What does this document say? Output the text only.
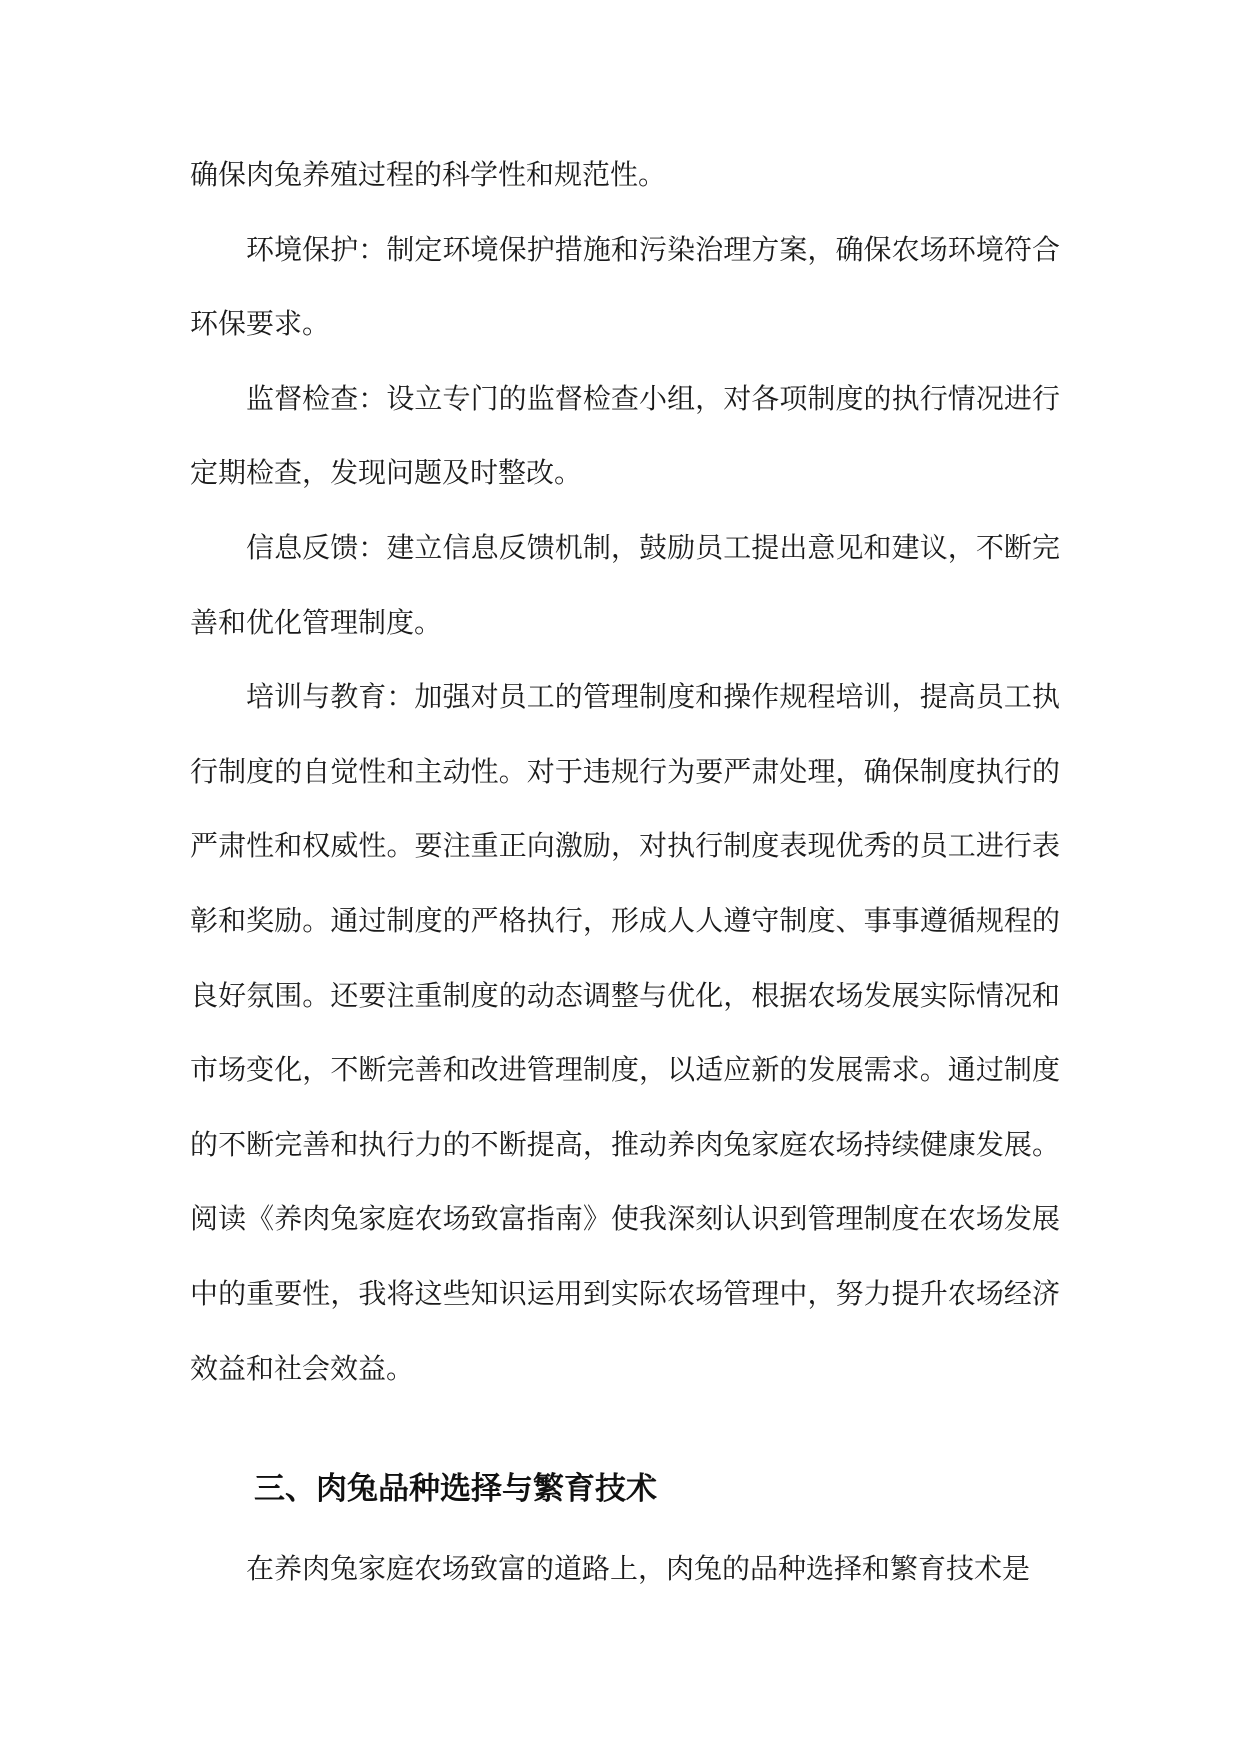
确保肉兔养殖过程的科学性和规范性。

环境保护：制定环境保护措施和污染治理方案，确保农场环境符合环保要求。

监督检查：设立专门的监督检查小组，对各项制度的执行情况进行定期检查，发现问题及时整改。

信息反馈：建立信息反馈机制，鼓励员工提出意见和建议，不断完善和优化管理制度。

培训与教育：加强对员工的管理制度和操作规程培训，提高员工执行制度的自觉性和主动性。对于违规行为要严肃处理，确保制度执行的严肃性和权威性。要注重正向激励，对执行制度表现优秀的员工进行表彰和奖励。通过制度的严格执行，形成人人遵守制度、事事遵循规程的良好氛围。还要注重制度的动态调整与优化，根据农场发展实际情况和市场变化，不断完善和改进管理制度，以适应新的发展需求。通过制度的不断完善和执行力的不断提高，推动养肉兔家庭农场持续健康发展。阅读《养肉兔家庭农场致富指南》使我深刻认识到管理制度在农场发展中的重要性，我将这些知识运用到实际农场管理中，努力提升农场经济效益和社会效益。

三、肉兔品种选择与繁育技术

在养肉兔家庭农场致富的道路上，肉兔的品种选择和繁育技术是
